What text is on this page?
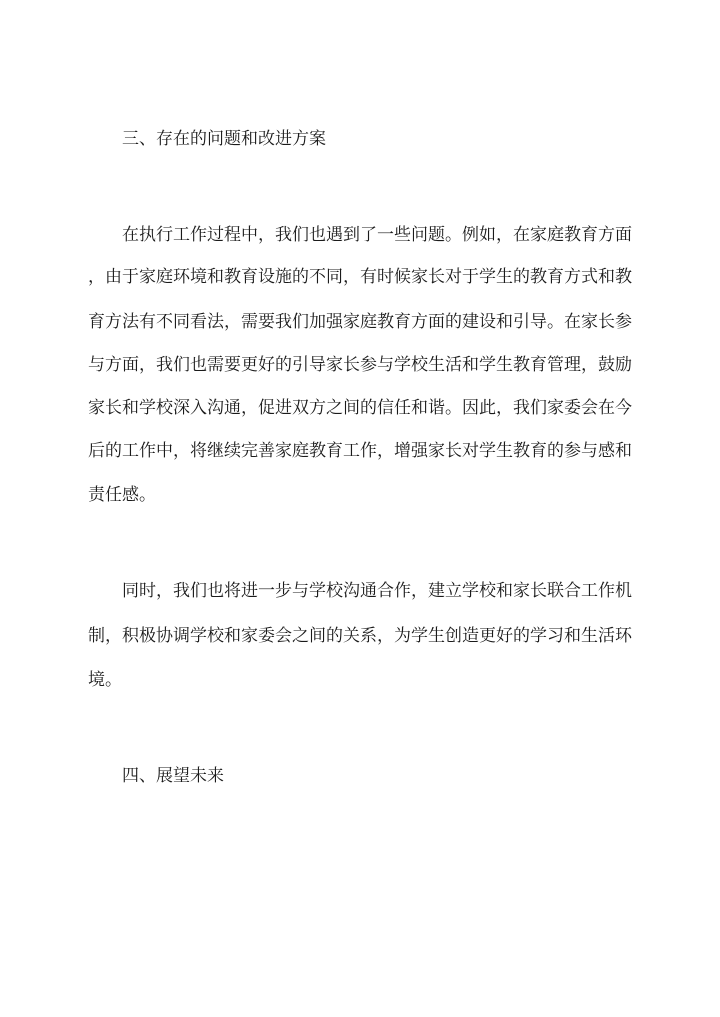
三、存在的问题和改进方案

在执行工作过程中，我们也遇到了一些问题。例如，在家庭教育方面

，由于家庭环境和教育设施的不同，有时候家长对于学生的教育方式和教

育方法有不同看法，需要我们加强家庭教育方面的建设和引导。在家长参

与方面，我们也需要更好的引导家长参与学校生活和学生教育管理，鼓励

家长和学校深入沟通，促进双方之间的信任和谐。因此，我们家委会在今

后的工作中，将继续完善家庭教育工作，增强家长对学生教育的参与感和

责任感。

同时，我们也将进一步与学校沟通合作，建立学校和家长联合工作机

制，积极协调学校和家委会之间的关系，为学生创造更好的学习和生活环

境。

四、展望未来
